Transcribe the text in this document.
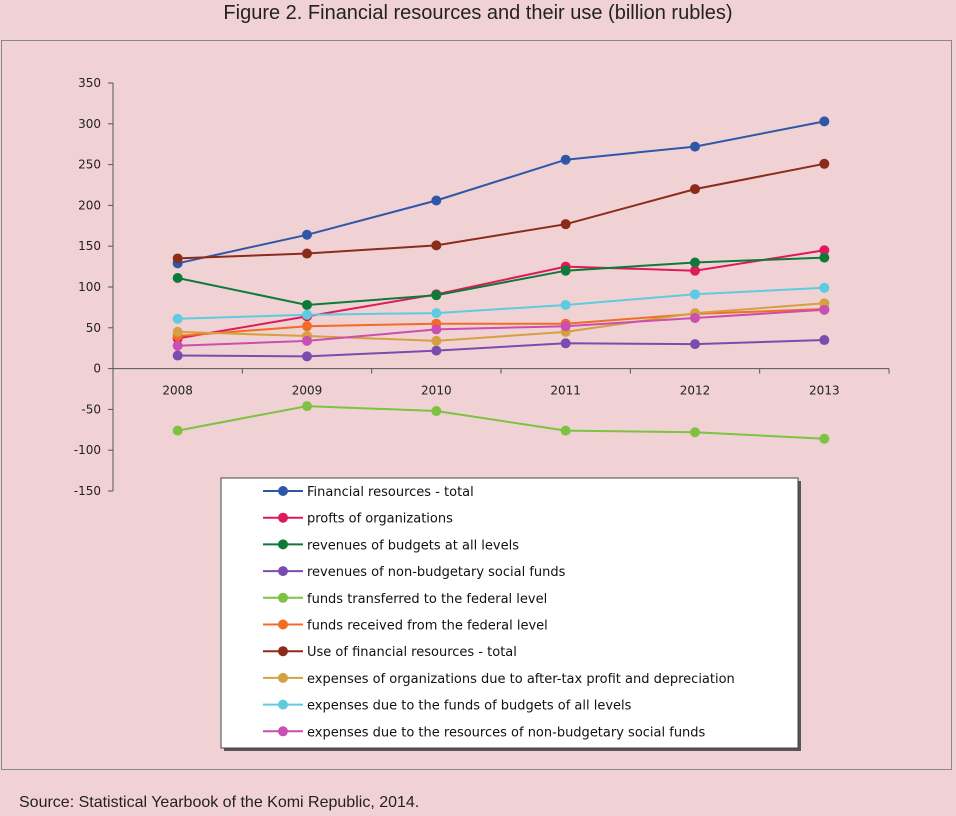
Figure 2. Financial resources and their use (billion rubles)
350
300
250
200
150
100
50
0
-50
-100
-150
2008	2009	2010	2011	2012	2013
Financial resources - total
profts of organizations
revenues of budgets at all levels
revenues of non-budgetary social funds
funds transferred to the federal level
funds received from the federal level
Use of financial resources - total
expenses of organizations due to after-tax profit and depreciation
expenses due to the funds of budgets of all levels
expenses due to the resources of non-budgetary social funds
Source: Statistical Yearbook of the Komi Republic, 2014.
